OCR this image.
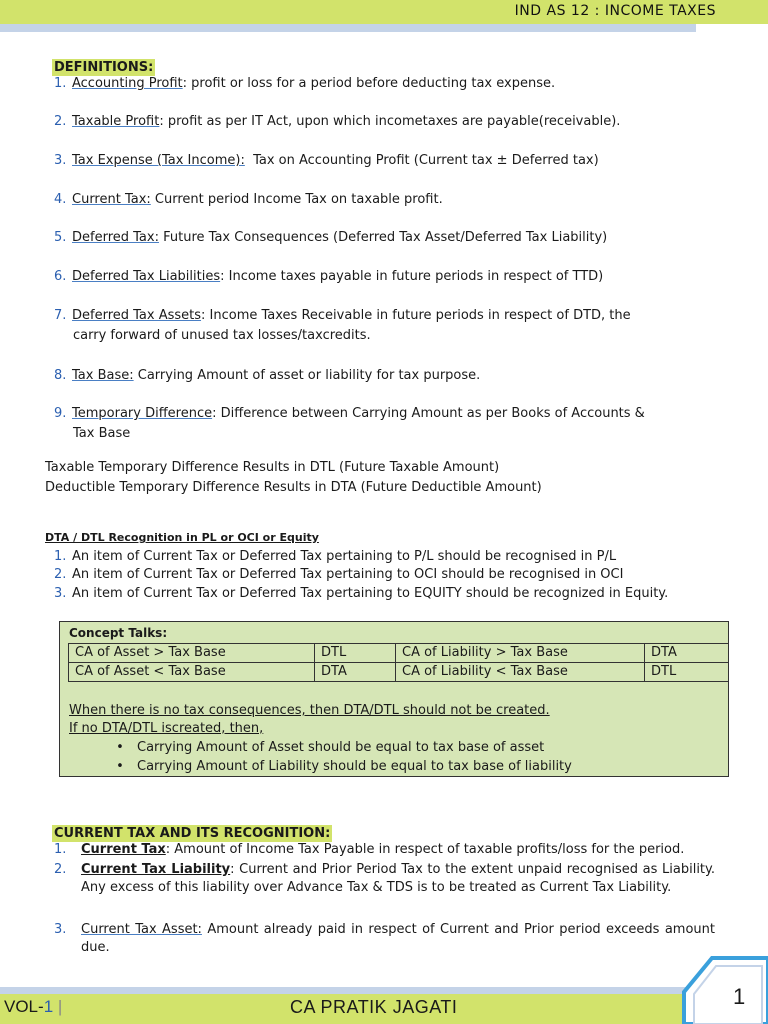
IND AS 12 : INCOME TAXES
DEFINITIONS:
1. Accounting Profit: profit or loss for a period before deducting tax expense.
2. Taxable Profit: profit as per IT Act, upon which incometaxes are payable(receivable).
3. Tax Expense (Tax Income):  Tax on Accounting Profit (Current tax ± Deferred tax)
4. Current Tax: Current period Income Tax on taxable profit.
5. Deferred Tax: Future Tax Consequences (Deferred Tax Asset/Deferred Tax Liability)
6. Deferred Tax Liabilities: Income taxes payable in future periods in respect of TTD)
7. Deferred Tax Assets: Income Taxes Receivable in future periods in respect of DTD, the
carry forward of unused tax losses/taxcredits.
8. Tax Base: Carrying Amount of asset or liability for tax purpose.
9. Temporary Difference: Difference between Carrying Amount as per Books of Accounts &
Tax Base
Taxable Temporary Difference Results in DTL (Future Taxable Amount)
Deductible Temporary Difference Results in DTA (Future Deductible Amount)
DTA / DTL Recognition in PL or OCI or Equity
1. An item of Current Tax or Deferred Tax pertaining to P/L should be recognised in P/L
2. An item of Current Tax or Deferred Tax pertaining to OCI should be recognised in OCI
3. An item of Current Tax or Deferred Tax pertaining to EQUITY should be recognized in Equity.
Concept Talks:
CA of Asset > Tax Base	DTL	CA of Liability > Tax Base	DTA
CA of Asset < Tax Base	DTA	CA of Liability < Tax Base	DTL
When there is no tax consequences, then DTA/DTL should not be created.
If no DTA/DTL iscreated, then,
• Carrying Amount of Asset should be equal to tax base of asset
• Carrying Amount of Liability should be equal to tax base of liability
CURRENT TAX AND ITS RECOGNITION:
1. Current Tax: Amount of Income Tax Payable in respect of taxable profits/loss for the period.
2.	Current Tax Liability: Current and Prior Period Tax to the extent unpaid recognised as Liability. Any excess of this liability over Advance Tax & TDS is to be treated as Current Tax Liability.
3.	Current Tax Asset: Amount already paid in respect of Current and Prior period exceeds amount due.
VOL-1 |	CA PRATIK JAGATI	1
